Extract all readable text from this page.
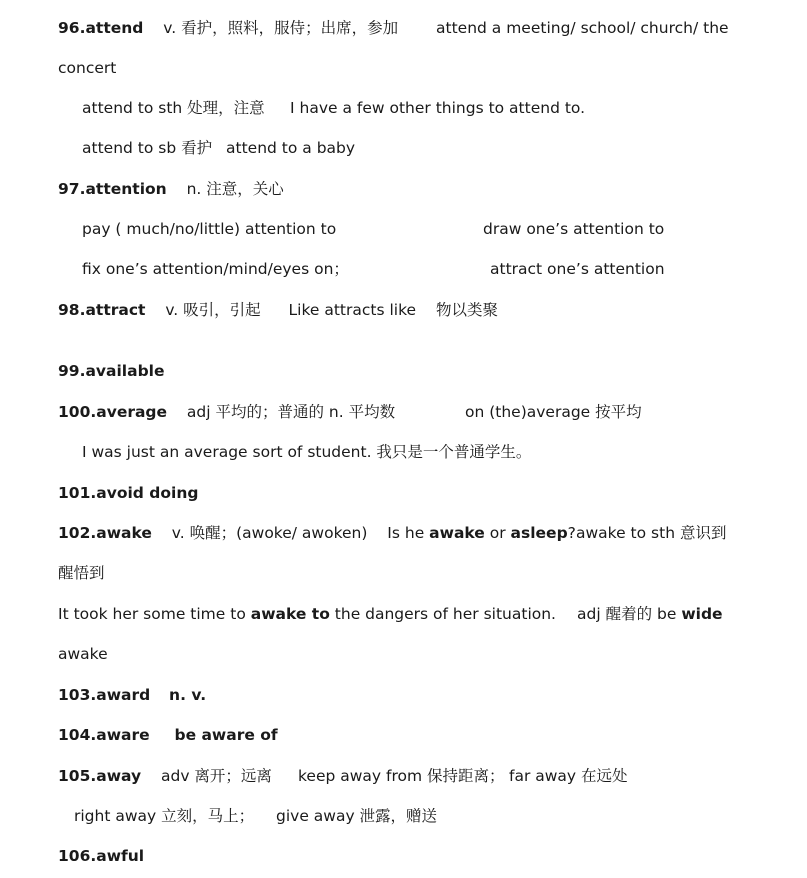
96.attend v. 看护，照料，服侍；出席，参加 attend a meeting/ school/ church/ the
concert
attend to sth 处理，注意 I have a few other things to attend to.
attend to sb 看护 attend to a baby
97.attention n. 注意，关心
pay ( much/no/little) attention to	draw one’s attention to
fix one’s attention/mind/eyes on；	attract one’s attention
98.attract v. 吸引，引起 Like attracts like 物以类聚
99.available
100.average adj 平均的；普通的 n. 平均数	on (the)average 按平均
I was just an average sort of student. 我只是一个普通学生。
101.avoid doing
102.awake v. 唤醒；(awoke/ awoken) Is he awake or asleep? awake to sth 意识到
醒悟到
It took her some time to awake to the dangers of her situation. adj 醒着的 be wide
awake
103.award n. v.
104.aware be aware of
105.away adv 离开；远离 keep away from 保持距离； far away 在远处
right away 立刻，马上； give away 泄露，赠送
106.awful
